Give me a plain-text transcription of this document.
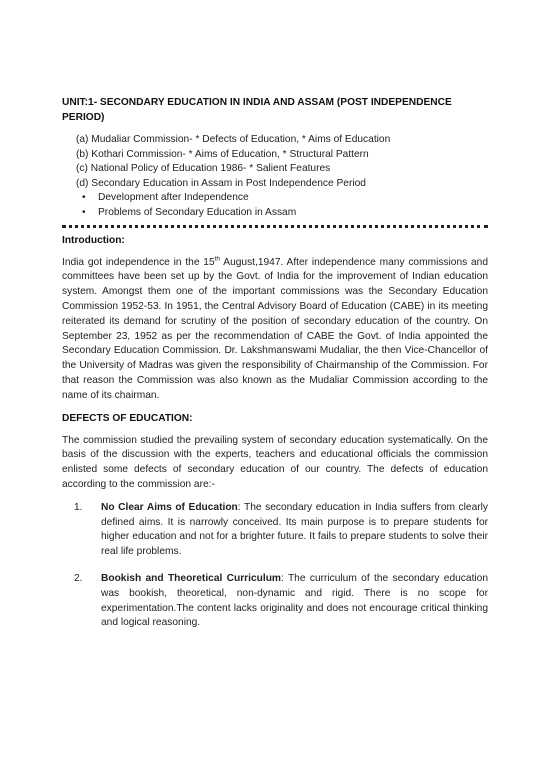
UNIT:1- SECONDARY EDUCATION IN INDIA AND ASSAM (POST INDEPENDENCE PERIOD)
(a) Mudaliar Commission- * Defects of Education, * Aims of Education
(b) Kothari Commission- * Aims of Education, * Structural Pattern
(c) National Policy of Education 1986- * Salient Features
(d) Secondary Education in Assam in Post Independence Period
• Development after Independence
• Problems of Secondary Education in Assam
Introduction:

India got independence in the 15th August,1947. After independence many commissions and committees have been set up by the Govt. of India for the improvement of Indian education system. Amongst them one of the important commissions was the Secondary Education Commission 1952-53. In 1951, the Central Advisory Board of Education (CABE) in its meeting reiterated its demand for scrutiny of the position of secondary education of the country. On September 23, 1952 as per the recommendation of CABE the Govt. of India appointed the Secondary Education Commission. Dr. Lakshmanswami Mudaliar, the then Vice-Chancellor of the University of Madras was given the responsibility of Chairmanship of the Commission. For that reason the Commission was also known as the Mudaliar Commission according to the name of its chairman.

DEFECTS OF EDUCATION:

The commission studied the prevailing system of secondary education systematically. On the basis of the discussion with the experts, teachers and educational officials the commission enlisted some defects of secondary education of our country. The defects of education according to the commission are:-

1. No Clear Aims of Education: The secondary education in India suffers from clearly defined aims. It is narrowly conceived. Its main purpose is to prepare students for higher education and not for a brighter future. It fails to prepare students to solve their real life problems.
2. Bookish and Theoretical Curriculum: The curriculum of the secondary education was bookish, theoretical, non-dynamic and rigid. There is no scope for experimentation.The content lacks originality and does not encourage critical thinking and logical reasoning.
